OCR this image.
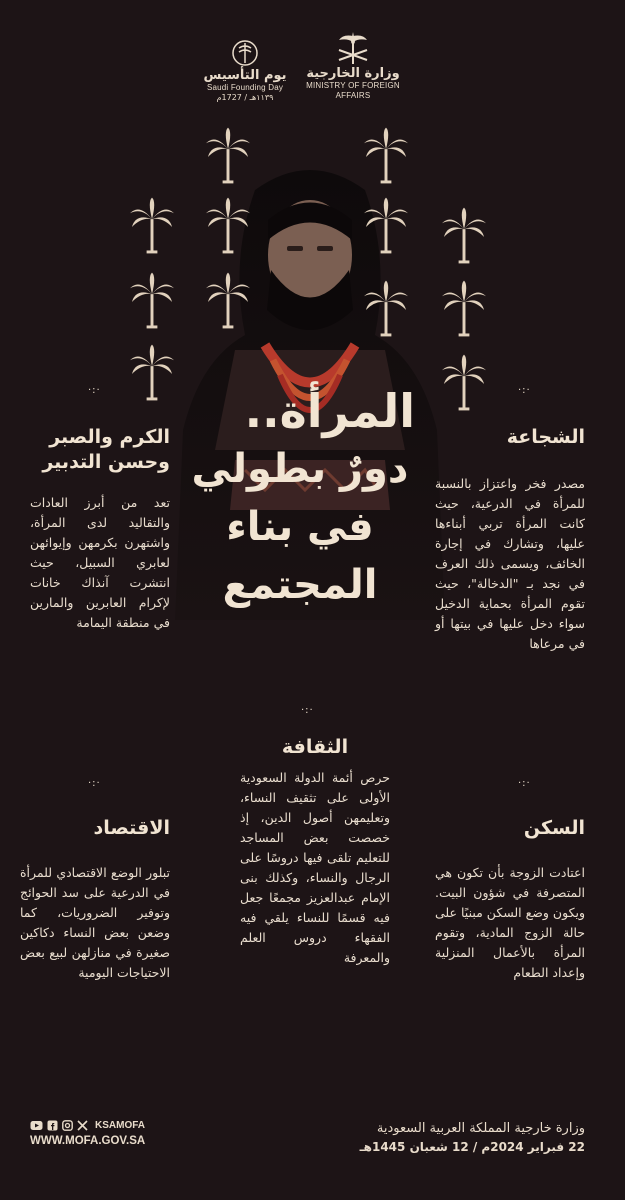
وزارة الخارجية
MINISTRY OF FOREIGN AFFAIRS
يوم التأسيس
Saudi Founding Day
١١٣٩هـ / 1727م
المرأة..
دورٌ بطولي
في بناء
المجتمع
·:·	·:·
·:·
·:·	·:·
الشجاعة

مصدر فخر واعتزاز بالنسبة للمرأة في الدرعية، حيث كانت المرأة تربي أبناءها عليها، وتشارك في إجارة الخائف، ويسمى ذلك العرف في نجد بـ "الدخالة"، حيث تقوم المرأة بحماية الدخيل سواء دخل عليها في بيتها أو في مرعاها

الكرم والصبر وحسن التدبير

تعد من أبرز العادات والتقاليد لدى المرأة، واشتهرن بكرمهن وإيوائهن لعابري السبيل، حيث انتشرت آنذاك خانات لإكرام العابرين والمارين في منطقة اليمامة

الثقافة

حرص أئمة الدولة السعودية الأولى على تثقيف النساء، وتعليمهن أصول الدين، إذ خصصت بعض المساجد للتعليم تلقى فيها دروسًا على الرجال والنساء، وكذلك بنى الإمام عبدالعزيز مجمعًا جعل فيه قسمًا للنساء يلقي فيه الفقهاء دروس العلم والمعرفة

السكن

اعتادت الزوجة بأن تكون هي المتصرفة في شؤون البيت. ويكون وضع السكن مبنيًا على حالة الزوج المادية، وتقوم المرأة بالأعمال المنزلية وإعداد الطعام

الاقتصاد

تبلور الوضع الاقتصادي للمرأة في الدرعية على سد الحوائج وتوفير الضروريات، كما وضعن بعض النساء دكاكين صغيرة في منازلهن لبيع بعض الاحتياجات اليومية

KSAMOFA
WWW.MOFA.GOV.SA
وزارة خارجية المملكة العربية السعودية
22 فبراير 2024م / 12 شعبان 1445هـ
